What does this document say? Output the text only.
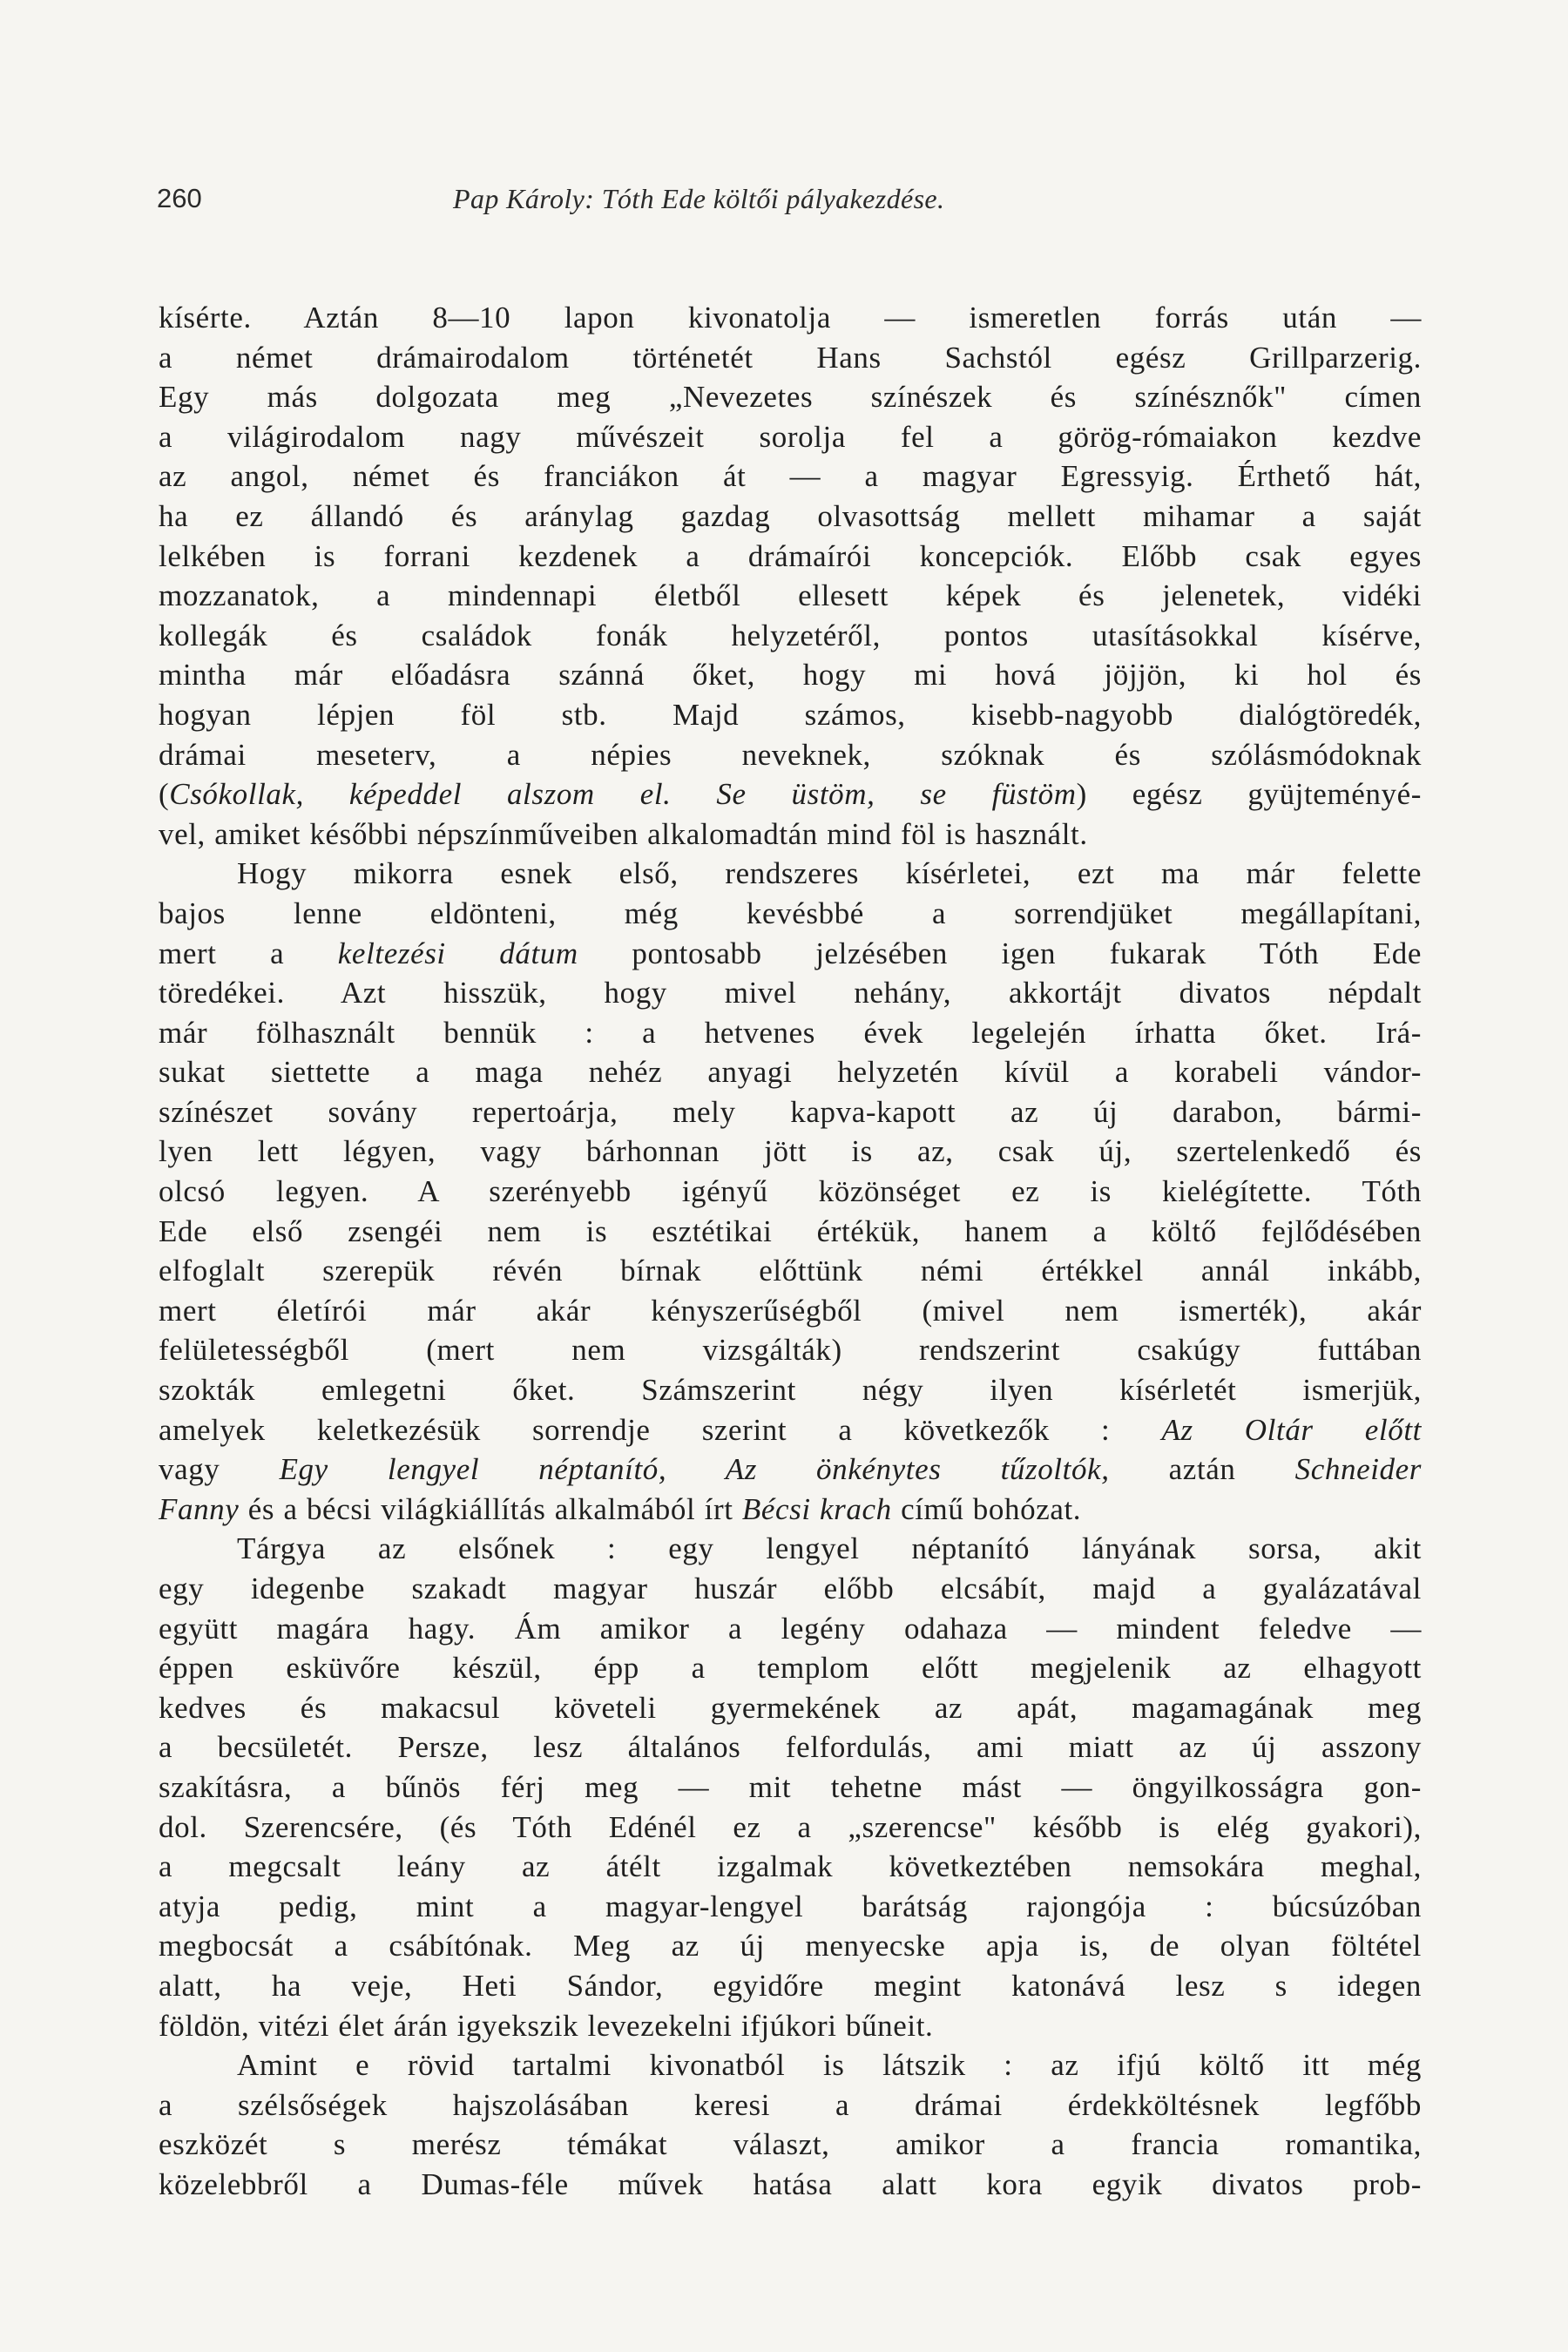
260	Pap Károly: Tóth Ede költői pályakezdése.
kísérte. Aztán 8—10 lapon kivonatolja — ismeretlen forrás után —
a német drámairodalom történetét Hans Sachstól egész Grillparzerig.
Egy más dolgozata meg „Nevezetes színészek és színésznők" címen
a világirodalom nagy művészeit sorolja fel a görög-rómaiakon kezdve
az angol, német és franciákon át — a magyar Egressyig. Érthető hát,
ha ez állandó és aránylag gazdag olvasottság mellett mihamar a saját
lelkében is forrani kezdenek a drámaírói koncepciók. Előbb csak egyes
mozzanatok, a mindennapi életből ellesett képek és jelenetek, vidéki
kollegák és családok fonák helyzetéről, pontos utasításokkal kísérve,
mintha már előadásra szánná őket, hogy mi hová jöjjön, ki hol és
hogyan lépjen föl stb. Majd számos, kisebb-nagyobb dialógtöredék,
drámai meseterv, a népies neveknek, szóknak és szólásmódoknak
(Csókollak, képeddel alszom el. Se üstöm, se füstöm) egész gyüjteményé-
vel, amiket későbbi népszínműveiben alkalomadtán mind föl is használt.
Hogy mikorra esnek első, rendszeres kísérletei, ezt ma már felette
bajos lenne eldönteni, még kevésbbé a sorrendjüket megállapítani,
mert a keltezési dátum pontosabb jelzésében igen fukarak Tóth Ede
töredékei. Azt hisszük, hogy mivel nehány, akkortájt divatos népdalt
már fölhasznált bennük : a hetvenes évek legelején írhatta őket. Irá-
sukat siettette a maga nehéz anyagi helyzetén kívül a korabeli vándor-
színészet sovány repertoárja, mely kapva-kapott az új darabon, bármi-
lyen lett légyen, vagy bárhonnan jött is az, csak új, szertelenkedő és
olcsó legyen. A szerényebb igényű közönséget ez is kielégítette. Tóth
Ede első zsengéi nem is esztétikai értékük, hanem a költő fejlődésében
elfoglalt szerepük révén bírnak előttünk némi értékkel annál inkább,
mert életírói már akár kényszerűségből (mivel nem ismerték), akár
felületességből (mert nem vizsgálták) rendszerint csakúgy futtában
szokták emlegetni őket. Számszerint négy ilyen kísérletét ismerjük,
amelyek keletkezésük sorrendje szerint a következők : Az Oltár előtt
vagy Egy lengyel néptanító, Az önkénytes tűzoltók, aztán Schneider
Fanny és a bécsi világkiállítás alkalmából írt Bécsi krach című bohózat.
Tárgya az elsőnek : egy lengyel néptanító lányának sorsa, akit
egy idegenbe szakadt magyar huszár előbb elcsábít, majd a gyalázatával
együtt magára hagy. Ám amikor a legény odahaza — mindent feledve —
éppen esküvőre készül, épp a templom előtt megjelenik az elhagyott
kedves és makacsul követeli gyermekének az apát, magamagának meg
a becsületét. Persze, lesz általános felfordulás, ami miatt az új asszony
szakításra, a bűnös férj meg — mit tehetne mást — öngyilkosságra gon-
dol. Szerencsére, (és Tóth Edénél ez a „szerencse" később is elég gyakori),
a megcsalt leány az átélt izgalmak következtében nemsokára meghal,
atyja pedig, mint a magyar-lengyel barátság rajongója : búcsúzóban
megbocsát a csábítónak. Meg az új menyecske apja is, de olyan föltétel
alatt, ha veje, Heti Sándor, egyidőre megint katonává lesz s idegen
földön, vitézi élet árán igyekszik levezekelni ifjúkori bűneit.
Amint e rövid tartalmi kivonatból is látszik : az ifjú költő itt még
a szélsőségek hajszolásában keresi a drámai érdekköltésnek legfőbb
eszközét s merész témákat választ, amikor a francia romantika,
közelebbről a Dumas-féle művek hatása alatt kora egyik divatos prob-
